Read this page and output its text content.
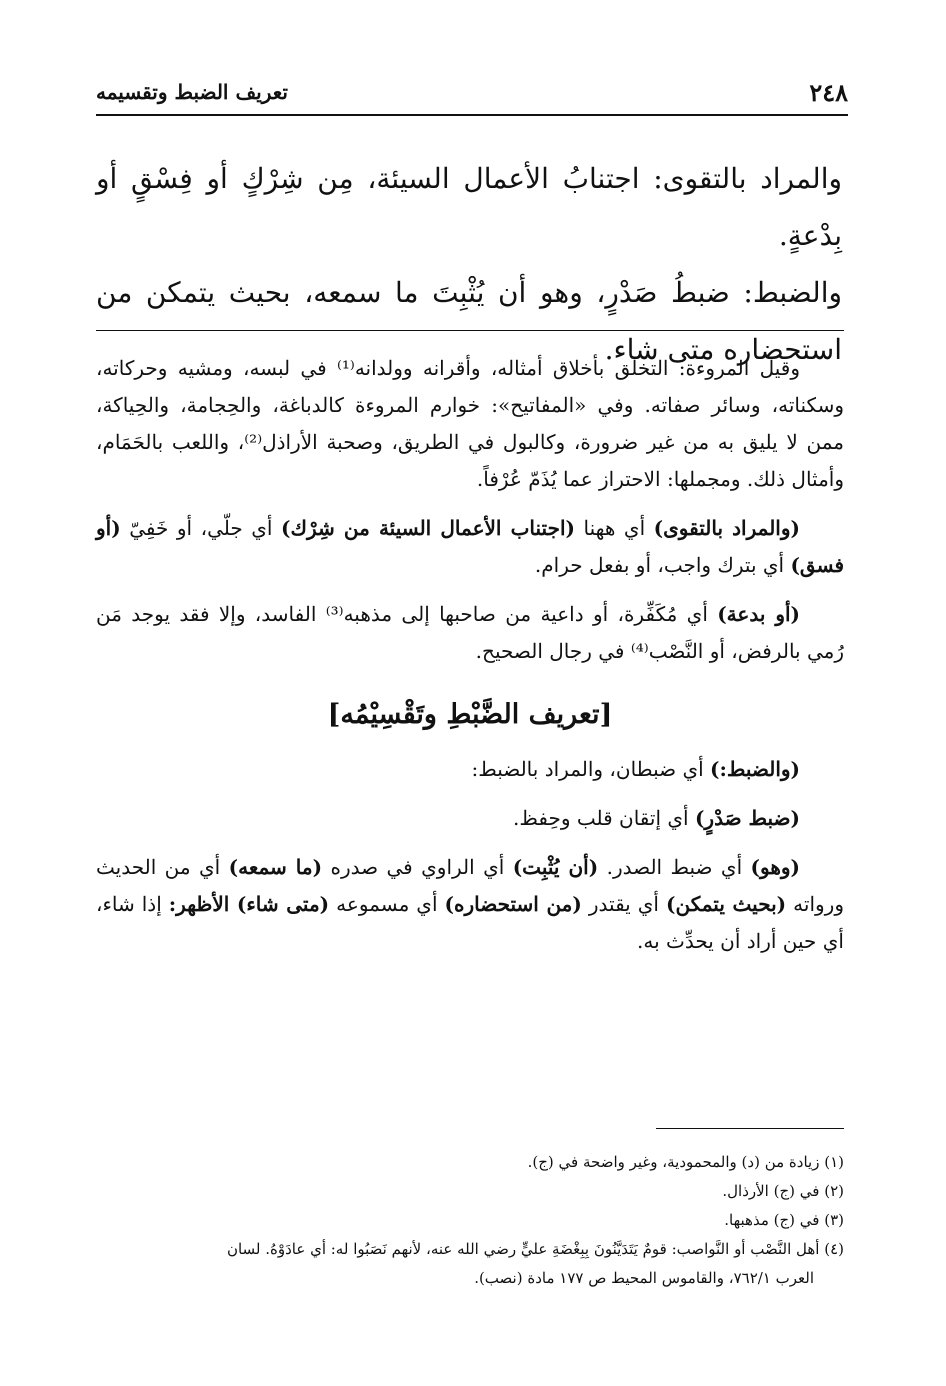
٢٤٨
تعريف الضبط وتقسيمه

والمراد بالتقوى: اجتنابُ الأعمال السيئة، مِن شِرْكٍ أو فِسْقٍ أو بِدْعةٍ.

والضبط: ضبطُ صَدْرٍ، وهو أن يُثْبِتَ ما سمعه، بحيث يتمكن من استحضاره متى شاء.

وقيل المروءة: التخلق بأخلاق أمثاله، وأقرانه وولدانه⁽¹⁾ في لبسه، ومشيه وحركاته، وسكناته، وسائر صفاته. وفي «المفاتيح»: خوارم المروءة كالدباغة، والحِجامة، والحِياكة، ممن لا يليق به من غير ضرورة، وكالبول في الطريق، وصحبة الأراذل⁽²⁾، واللعب بالحَمَام، وأمثال ذلك. ومجملها: الاحتراز عما يُذَمّ عُرْفاً.

(والمراد بالتقوى) أي ههنا (اجتناب الأعمال السيئة من شِرْك) أي جلّي، أو خَفِيّ (أو فسق) أي بترك واجب، أو بفعل حرام.

(أو بدعة) أي مُكَفِّرة، أو داعية من صاحبها إلى مذهبه⁽³⁾ الفاسد، وإلا فقد يوجد مَن رُمي بالرفض، أو النَّصْب⁽⁴⁾ في رجال الصحيح.

[تعريف الضَّبْطِ وتَقْسِيْمُه]

(والضبط:) أي ضبطان، والمراد بالضبط:

(ضبط صَدْرٍ) أي إتقان قلب وحِفظ.

(وهو) أي ضبط الصدر. (أن يُثْبِت) أي الراوي في صدره (ما سمعه) أي من الحديث ورواته (بحيث يتمكن) أي يقتدر (من استحضاره) أي مسموعه (متى شاء) الأظهر: إذا شاء، أي حين أراد أن يحدِّث به.

(١) زيادة من (د) والمحمودية، وغير واضحة في (ج).
(٢) في (ج) الأرذال.
(٣) في (ج) مذهبها.
(٤) أهل النَّصْب أو النَّواصب: قومٌ يَتَدَيَّنُونَ بِبِغْضَةِ عليٍّ رضي الله عنه، لأنهم نَصَبُوا له: أي عادَوْهُ. لسان
العرب ٧٦٢/١، والقاموس المحيط ص ١٧٧ مادة (نصب).
